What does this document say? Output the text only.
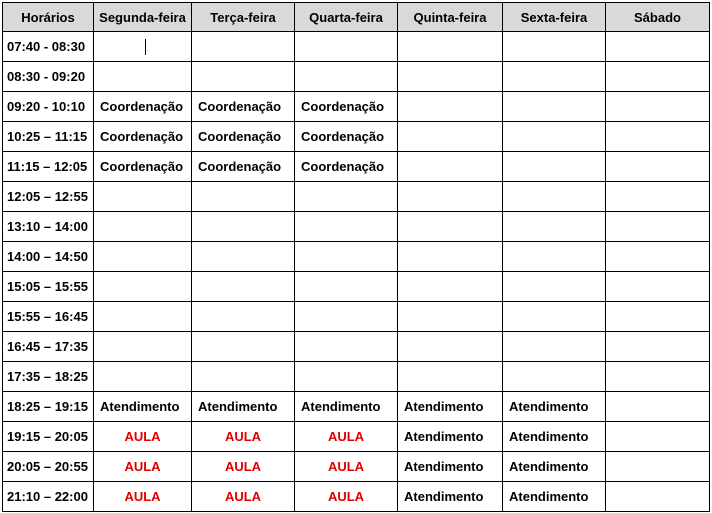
Horários	Segunda-feira	Terça-feira	Quarta-feira	Quinta-feira	Sexta-feira	Sábado
07:40 - 08:30						
08:30 - 09:20						
09:20 - 10:10	Coordenação	Coordenação	Coordenação			
10:25 – 11:15	Coordenação	Coordenação	Coordenação			
11:15 – 12:05	Coordenação	Coordenação	Coordenação			
12:05 – 12:55						
13:10 – 14:00						
14:00 – 14:50						
15:05 – 15:55						
15:55 – 16:45						
16:45 – 17:35						
17:35 – 18:25						
18:25 – 19:15	Atendimento	Atendimento	Atendimento	Atendimento	Atendimento	
19:15 – 20:05	AULA	AULA	AULA	Atendimento	Atendimento	
20:05 – 20:55	AULA	AULA	AULA	Atendimento	Atendimento	
21:10 – 22:00	AULA	AULA	AULA	Atendimento	Atendimento	
